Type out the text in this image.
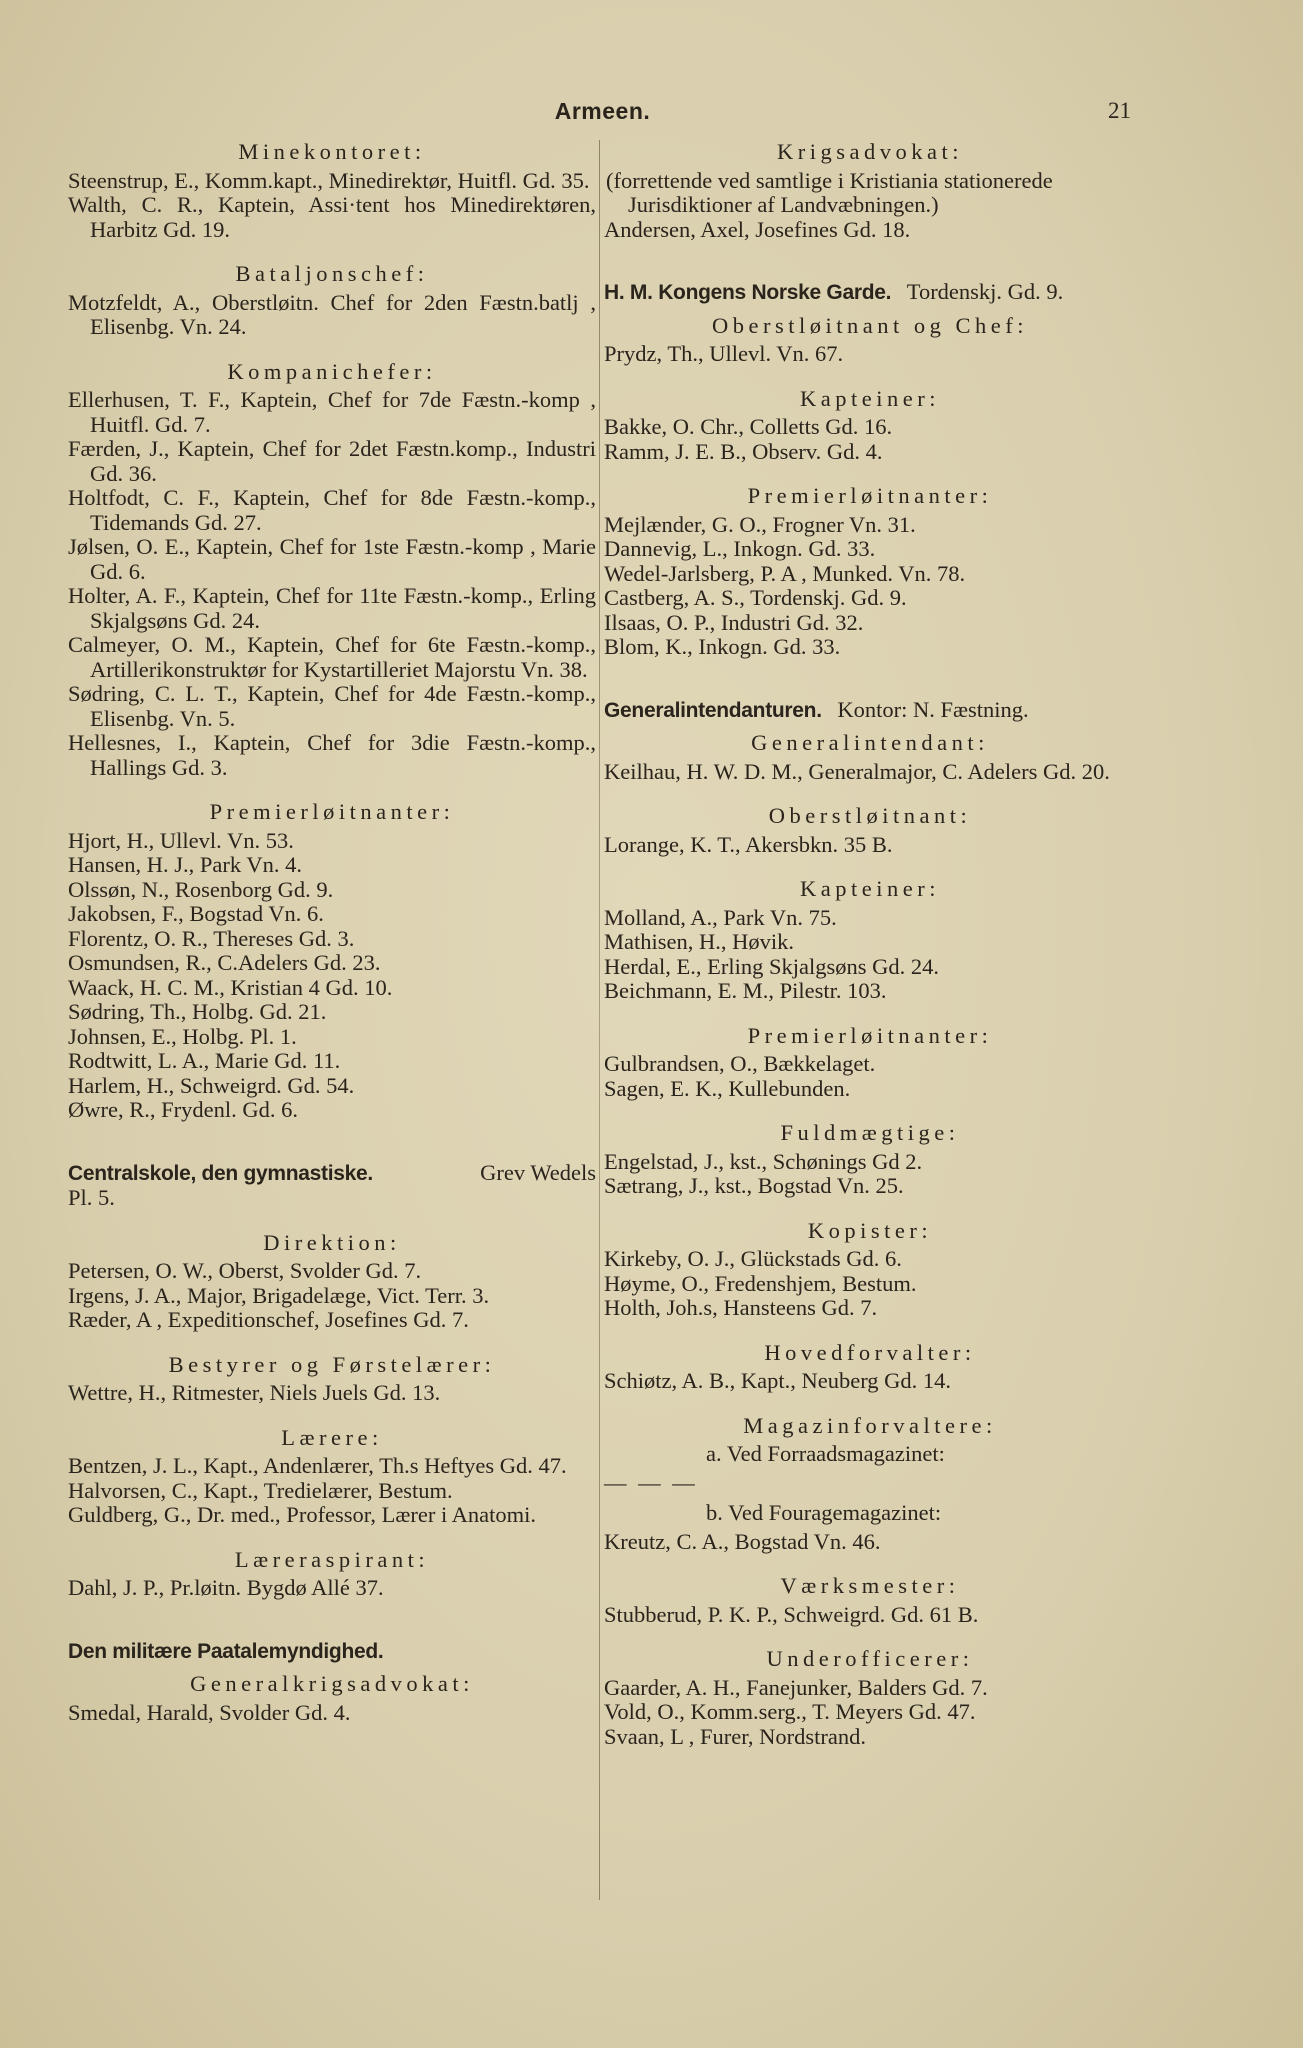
Armeen.	21
Minekontoret:
Steenstrup, E., Komm.kapt., Minedirektør, Huitfl. Gd. 35.
Walth, C. R., Kaptein, Assi·tent hos Minedirektøren, Harbitz Gd. 19.
Bataljonschef:
Motzfeldt, A., Oberstløitn. Chef for 2den Fæstn.batlj , Elisenbg. Vn. 24.
Kompanichefer:
Ellerhusen, T. F., Kaptein, Chef for 7de Fæstn.-komp , Huitfl. Gd. 7.
Færden, J., Kaptein, Chef for 2det Fæstn.komp., Industri Gd. 36.
Holtfodt, C. F., Kaptein, Chef for 8de Fæstn.-komp., Tidemands Gd. 27.
Jølsen, O. E., Kaptein, Chef for 1ste Fæstn.-komp , Marie Gd. 6.
Holter, A. F., Kaptein, Chef for 11te Fæstn.-komp., Erling Skjalgsøns Gd. 24.
Calmeyer, O. M., Kaptein, Chef for 6te Fæstn.-komp., Artillerikonstruktør for Kystartilleriet Majorstu Vn. 38.
Sødring, C. L. T., Kaptein, Chef for 4de Fæstn.-komp., Elisenbg. Vn. 5.
Hellesnes, I., Kaptein, Chef for 3die Fæstn.-komp., Hallings Gd. 3.
Premierløitnanter:
Hjort, H., Ullevl. Vn. 53.
Hansen, H. J., Park Vn. 4.
Olssøn, N., Rosenborg Gd. 9.
Jakobsen, F., Bogstad Vn. 6.
Florentz, O. R., Thereses Gd. 3.
Osmundsen, R., C.Adelers Gd. 23.
Waack, H. C. M., Kristian 4 Gd. 10.
Sødring, Th., Holbg. Gd. 21.
Johnsen, E., Holbg. Pl. 1.
Rodtwitt, L. A., Marie Gd. 11.
Harlem, H., Schweigrd. Gd. 54.
Øwre, R., Frydenl. Gd. 6.
Centralskole, den gymnastiske.	Grev Wedels
Pl. 5.
Direktion:
Petersen, O. W., Oberst, Svolder Gd. 7.
Irgens, J. A., Major, Brigadelæge, Vict. Terr. 3.
Ræder, A , Expeditionschef, Josefines Gd. 7.
Bestyrer og Førstelærer:
Wettre, H., Ritmester, Niels Juels Gd. 13.
Lærere:
Bentzen, J. L., Kapt., Andenlærer, Th.s Heftyes Gd. 47.
Halvorsen, C., Kapt., Tredielærer, Bestum.
Guldberg, G., Dr. med., Professor, Lærer i Anatomi.
Læreraspirant:
Dahl, J. P., Pr.løitn. Bygdø Allé 37.
Den militære Paatalemyndighed.
Generalkrigsadvokat:
Smedal, Harald, Svolder Gd. 4.
Krigsadvokat:
(forrettende ved samtlige i Kristiania stationerede Jurisdiktioner af Landvæbningen.)
Andersen, Axel, Josefines Gd. 18.
H. M. Kongens Norske Garde. Tordenskj. Gd. 9.
Oberstløitnant og Chef:
Prydz, Th., Ullevl. Vn. 67.
Kapteiner:
Bakke, O. Chr., Colletts Gd. 16.
Ramm, J. E. B., Observ. Gd. 4.
Premierløitnanter:
Mejlænder, G. O., Frogner Vn. 31.
Dannevig, L., Inkogn. Gd. 33.
Wedel-Jarlsberg, P. A , Munked. Vn. 78.
Castberg, A. S., Tordenskj. Gd. 9.
Ilsaas, O. P., Industri Gd. 32.
Blom, K., Inkogn. Gd. 33.
Generalintendanturen. Kontor: N. Fæstning.
Generalintendant:
Keilhau, H. W. D. M., Generalmajor, C. Adelers Gd. 20.
Oberstløitnant:
Lorange, K. T., Akersbkn. 35 B.
Kapteiner:
Molland, A., Park Vn. 75.
Mathisen, H., Høvik.
Herdal, E., Erling Skjalgsøns Gd. 24.
Beichmann, E. M., Pilestr. 103.
Premierløitnanter:
Gulbrandsen, O., Bækkelaget.
Sagen, E. K., Kullebunden.
Fuldmægtige:
Engelstad, J., kst., Schønings Gd 2.
Sætrang, J., kst., Bogstad Vn. 25.
Kopister:
Kirkeby, O. J., Glückstads Gd. 6.
Høyme, O., Fredenshjem, Bestum.
Holth, Joh.s, Hansteens Gd. 7.
Hovedforvalter:
Schiøtz, A. B., Kapt., Neuberg Gd. 14.
Magazinforvaltere:
a. Ved Forraadsmagazinet:
— — —
b. Ved Fouragemagazinet:
Kreutz, C. A., Bogstad Vn. 46.
Værksmester:
Stubberud, P. K. P., Schweigrd. Gd. 61 B.
Underofficerer:
Gaarder, A. H., Fanejunker, Balders Gd. 7.
Vold, O., Komm.serg., T. Meyers Gd. 47.
Svaan, L , Furer, Nordstrand.
